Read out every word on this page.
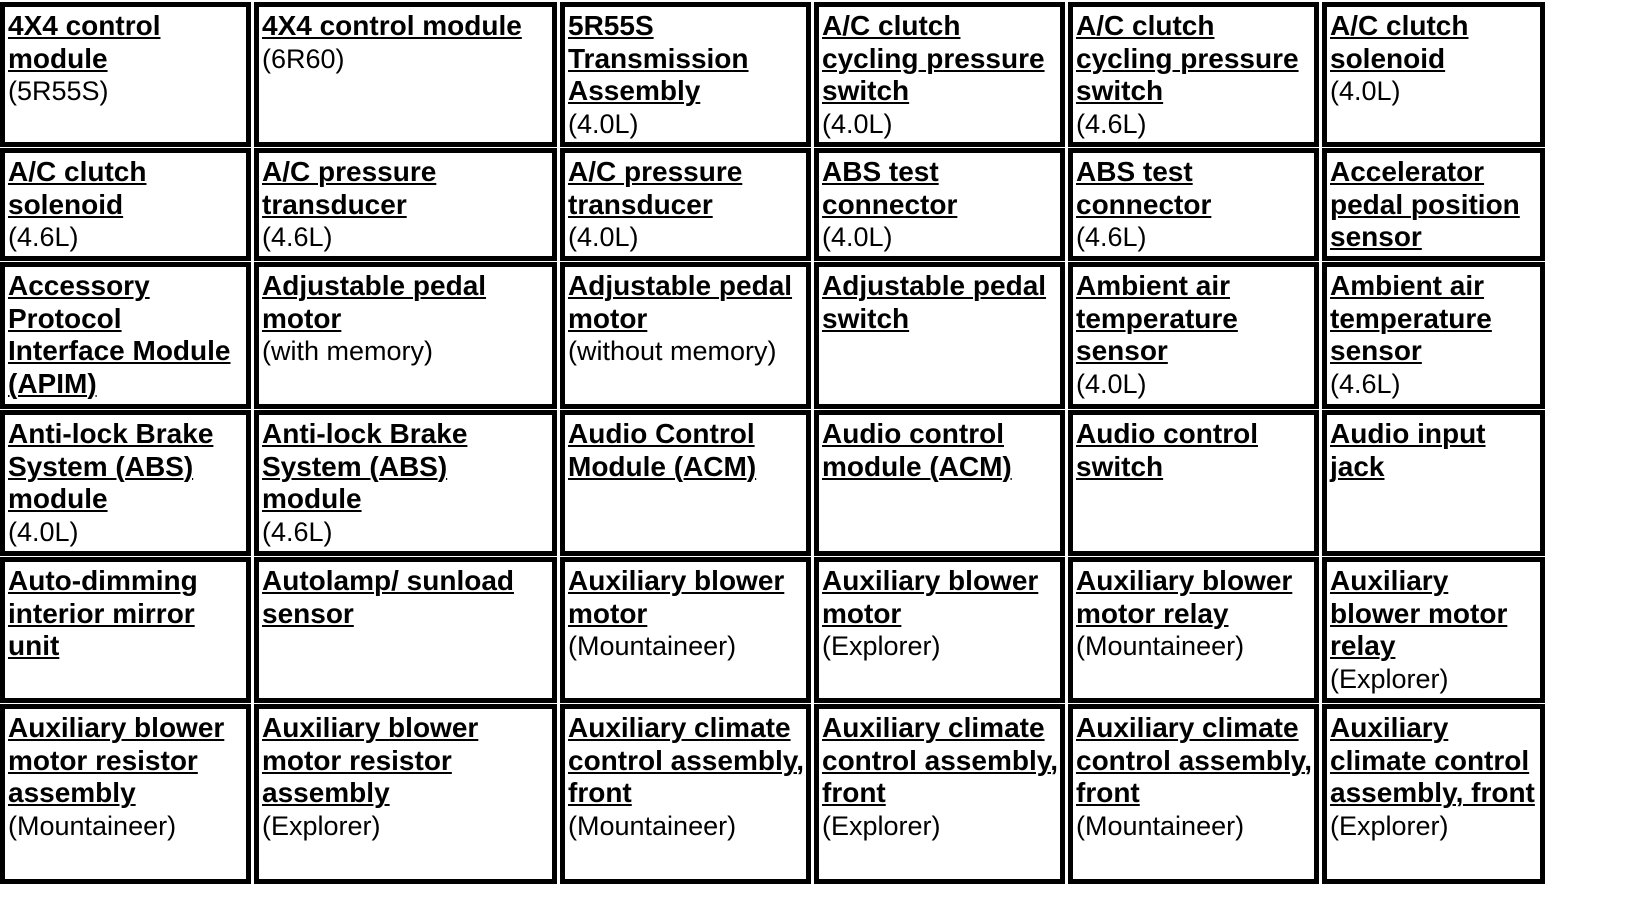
4X4 control module
(5R55S)
4X4 control module
(6R60)
5R55S Transmission Assembly
(4.0L)
A/C clutch cycling pressure switch
(4.0L)
A/C clutch cycling pressure switch
(4.6L)
A/C clutch solenoid
(4.0L)
A/C clutch solenoid
(4.6L)
A/C pressure transducer
(4.6L)
A/C pressure transducer
(4.0L)
ABS test connector
(4.0L)
ABS test connector
(4.6L)
Accelerator pedal position sensor
Accessory Protocol Interface Module (APIM)
Adjustable pedal motor
(with memory)
Adjustable pedal motor
(without memory)
Adjustable pedal switch
Ambient air temperature sensor
(4.0L)
Ambient air temperature sensor
(4.6L)
Anti-lock Brake System (ABS) module
(4.0L)
Anti-lock Brake System (ABS) module
(4.6L)
Audio Control Module (ACM)
Audio control module (ACM)
Audio control switch
Audio input jack
Auto-dimming interior mirror unit
Autolamp/ sunload sensor
Auxiliary blower motor
(Mountaineer)
Auxiliary blower motor
(Explorer)
Auxiliary blower motor relay
(Mountaineer)
Auxiliary blower motor relay
(Explorer)
Auxiliary blower motor resistor assembly
(Mountaineer)
Auxiliary blower motor resistor assembly
(Explorer)
Auxiliary climate control assembly, front
(Mountaineer)
Auxiliary climate control assembly, front
(Explorer)
Auxiliary climate control assembly, front
(Mountaineer)
Auxiliary climate control assembly, front
(Explorer)
